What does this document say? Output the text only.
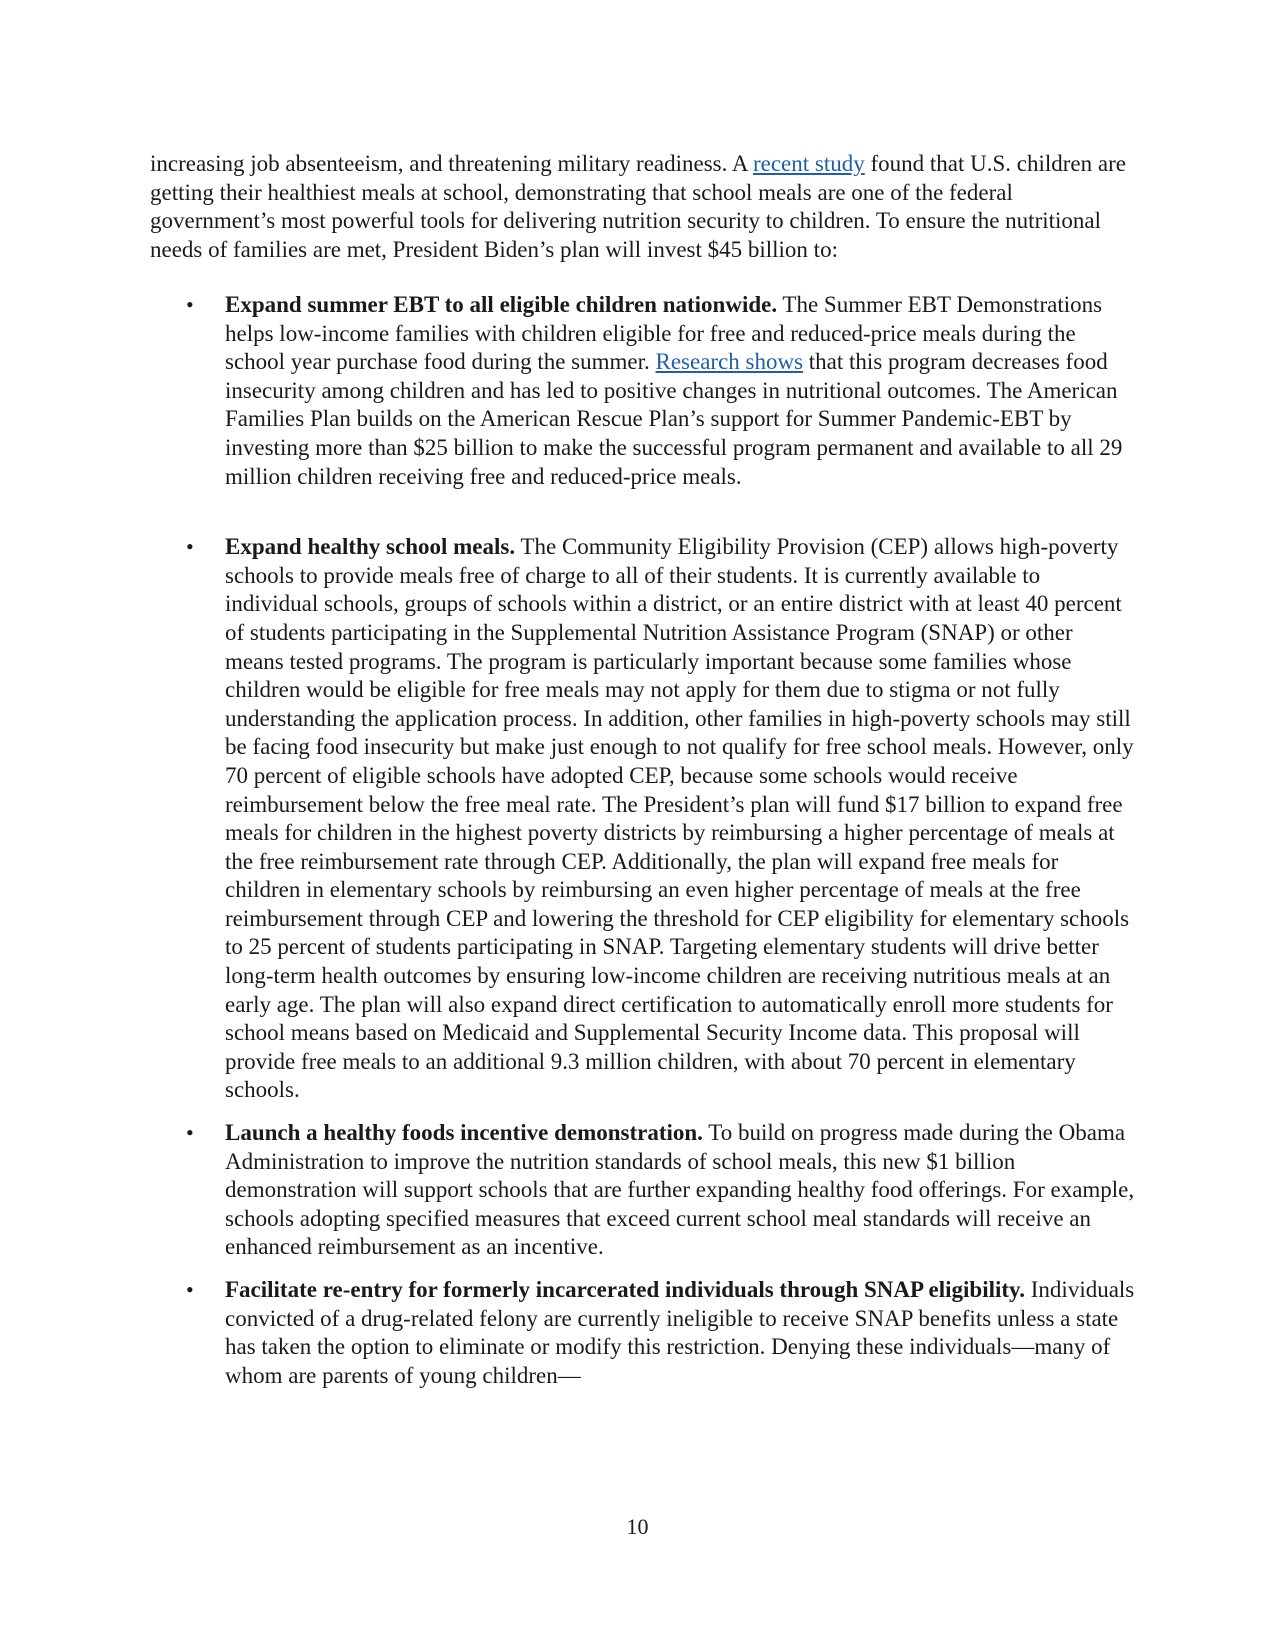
increasing job absenteeism, and threatening military readiness. A recent study found that U.S. children are getting their healthiest meals at school, demonstrating that school meals are one of the federal government’s most powerful tools for delivering nutrition security to children. To ensure the nutritional needs of families are met, President Biden’s plan will invest $45 billion to:

• Expand summer EBT to all eligible children nationwide. The Summer EBT Demonstrations helps low-income families with children eligible for free and reduced-price meals during the school year purchase food during the summer. Research shows that this program decreases food insecurity among children and has led to positive changes in nutritional outcomes. The American Families Plan builds on the American Rescue Plan’s support for Summer Pandemic-EBT by investing more than $25 billion to make the successful program permanent and available to all 29 million children receiving free and reduced-price meals.
• Expand healthy school meals. The Community Eligibility Provision (CEP) allows high-poverty schools to provide meals free of charge to all of their students. It is currently available to individual schools, groups of schools within a district, or an entire district with at least 40 percent of students participating in the Supplemental Nutrition Assistance Program (SNAP) or other means tested programs. The program is particularly important because some families whose children would be eligible for free meals may not apply for them due to stigma or not fully understanding the application process. In addition, other families in high-poverty schools may still be facing food insecurity but make just enough to not qualify for free school meals. However, only 70 percent of eligible schools have adopted CEP, because some schools would receive reimbursement below the free meal rate. The President’s plan will fund $17 billion to expand free meals for children in the highest poverty districts by reimbursing a higher percentage of meals at the free reimbursement rate through CEP. Additionally, the plan will expand free meals for children in elementary schools by reimbursing an even higher percentage of meals at the free reimbursement through CEP and lowering the threshold for CEP eligibility for elementary schools to 25 percent of students participating in SNAP. Targeting elementary students will drive better long-term health outcomes by ensuring low-income children are receiving nutritious meals at an early age. The plan will also expand direct certification to automatically enroll more students for school means based on Medicaid and Supplemental Security Income data. This proposal will provide free meals to an additional 9.3 million children, with about 70 percent in elementary schools.
• Launch a healthy foods incentive demonstration. To build on progress made during the Obama Administration to improve the nutrition standards of school meals, this new $1 billion demonstration will support schools that are further expanding healthy food offerings. For example, schools adopting specified measures that exceed current school meal standards will receive an enhanced reimbursement as an incentive.
• Facilitate re-entry for formerly incarcerated individuals through SNAP eligibility. Individuals convicted of a drug-related felony are currently ineligible to receive SNAP benefits unless a state has taken the option to eliminate or modify this restriction. Denying these individuals—many of whom are parents of young children—
10
